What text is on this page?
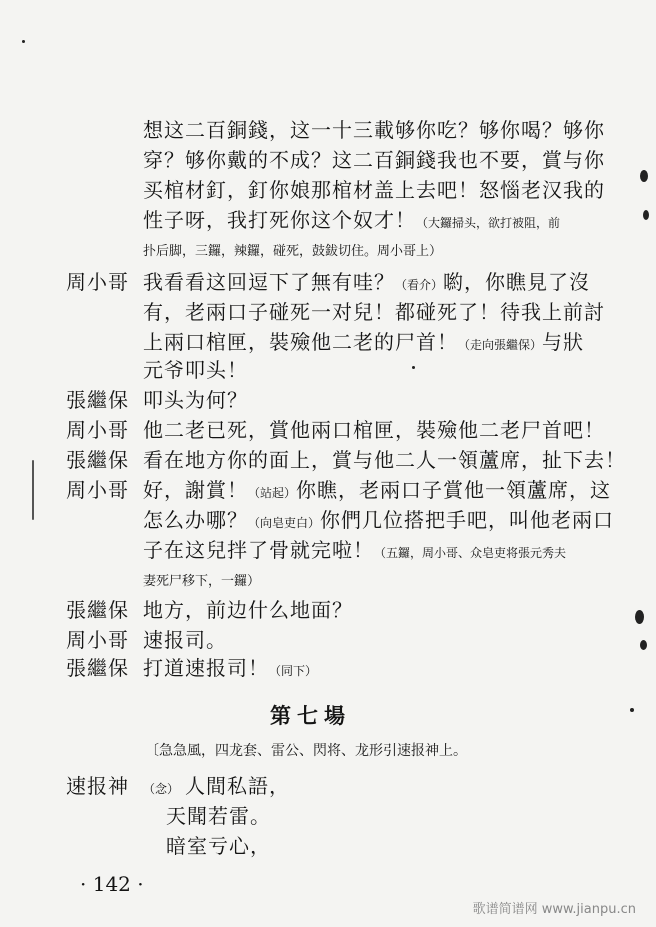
想这二百銅錢，这一十三載够你吃？够你喝？够你
穿？够你戴的不成？这二百銅錢我也不要，賞与你
买棺材釘，釘你娘那棺材盖上去吧！怒惱老汉我的
性子呀，我打死你这个奴才！（大鑼掃头，欲打被阻，前
扑后脚，三鑼，辣鑼，碰死，鼓鈸切住。周小哥上）
周小哥 我看看这回逗下了無有哇？（看介）喲，你瞧見了沒
有，老兩口子碰死一对兒！都碰死了！待我上前討
上兩口棺匣，裝殮他二老的尸首！（走向張繼保）与狀
元爷叩头！
張繼保 叩头为何？
周小哥 他二老已死，賞他兩口棺匣，裝殮他二老尸首吧！
張繼保 看在地方你的面上，賞与他二人一領蘆席，扯下去！
周小哥 好，謝賞！（站起）你瞧，老兩口子賞他一領蘆席，这
怎么办哪？（向皂吏白）你們几位搭把手吧，叫他老兩口
子在这兒拌了骨就完啦！（五鑼，周小哥、众皂吏将張元秀夫
妻死尸移下，一鑼）
張繼保 地方，前边什么地面？
周小哥 速报司。
張繼保 打道速报司！（同下）
第七場
〔急急風，四龙套、雷公、閃将、龙形引速报神上。
速报神 （念） 人間私語，
天聞若雷。
暗室亏心，
· 142 ·
歌谱简谱网 www.jianpu.cn
